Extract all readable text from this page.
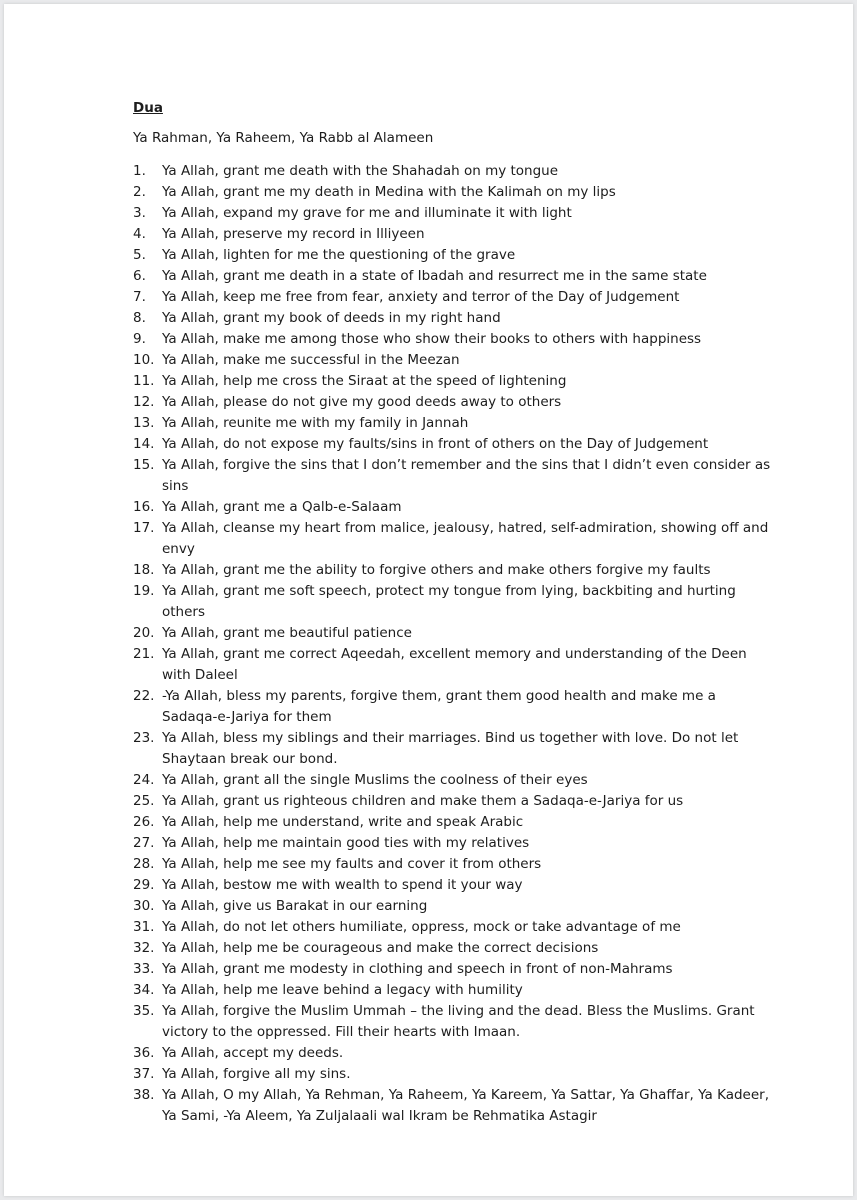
Dua
Ya Rahman, Ya Raheem, Ya Rabb al Alameen
1.	Ya Allah, grant me death with the Shahadah on my tongue
2.	Ya Allah, grant me my death in Medina with the Kalimah on my lips
3.	Ya Allah, expand my grave for me and illuminate it with light
4.	Ya Allah, preserve my record in Illiyeen
5.	Ya Allah, lighten for me the questioning of the grave
6.	Ya Allah, grant me death in a state of Ibadah and resurrect me in the same state
7.	Ya Allah, keep me free from fear, anxiety and terror of the Day of Judgement
8.	Ya Allah, grant my book of deeds in my right hand
9.	Ya Allah, make me among those who show their books to others with happiness
10. Ya Allah, make me successful in the Meezan
11. Ya Allah, help me cross the Siraat at the speed of lightening
12. Ya Allah, please do not give my good deeds away to others
13. Ya Allah, reunite me with my family in Jannah
14. Ya Allah, do not expose my faults/sins in front of others on the Day of Judgement
15. Ya Allah, forgive the sins that I don’t remember and the sins that I didn’t even consider as sins
16. Ya Allah, grant me a Qalb-e-Salaam
17. Ya Allah, cleanse my heart from malice, jealousy, hatred, self-admiration, showing off and envy
18. Ya Allah, grant me the ability to forgive others and make others forgive my faults
19. Ya Allah, grant me soft speech, protect my tongue from lying, backbiting and hurting others
20. Ya Allah, grant me beautiful patience
21. Ya Allah, grant me correct Aqeedah, excellent memory and understanding of the Deen with Daleel
22. -Ya Allah, bless my parents, forgive them, grant them good health and make me a Sadaqa-e-Jariya for them
23. Ya Allah, bless my siblings and their marriages. Bind us together with love. Do not let Shaytaan break our bond.
24. Ya Allah, grant all the single Muslims the coolness of their eyes
25. Ya Allah, grant us righteous children and make them a Sadaqa-e-Jariya for us
26. Ya Allah, help me understand, write and speak Arabic
27. Ya Allah, help me maintain good ties with my relatives
28. Ya Allah, help me see my faults and cover it from others
29. Ya Allah, bestow me with wealth to spend it your way
30. Ya Allah, give us Barakat in our earning
31. Ya Allah, do not let others humiliate, oppress, mock or take advantage of me
32. Ya Allah, help me be courageous and make the correct decisions
33. Ya Allah, grant me modesty in clothing and speech in front of non-Mahrams
34. Ya Allah, help me leave behind a legacy with humility
35. Ya Allah, forgive the Muslim Ummah – the living and the dead. Bless the Muslims. Grant victory to the oppressed. Fill their hearts with Imaan.
36. Ya Allah, accept my deeds.
37. Ya Allah, forgive all my sins.
38. Ya Allah, O my Allah, Ya Rehman, Ya Raheem, Ya Kareem, Ya Sattar, Ya Ghaffar, Ya Kadeer, Ya Sami, -Ya Aleem, Ya Zuljalaali wal Ikram be Rehmatika Astagir
